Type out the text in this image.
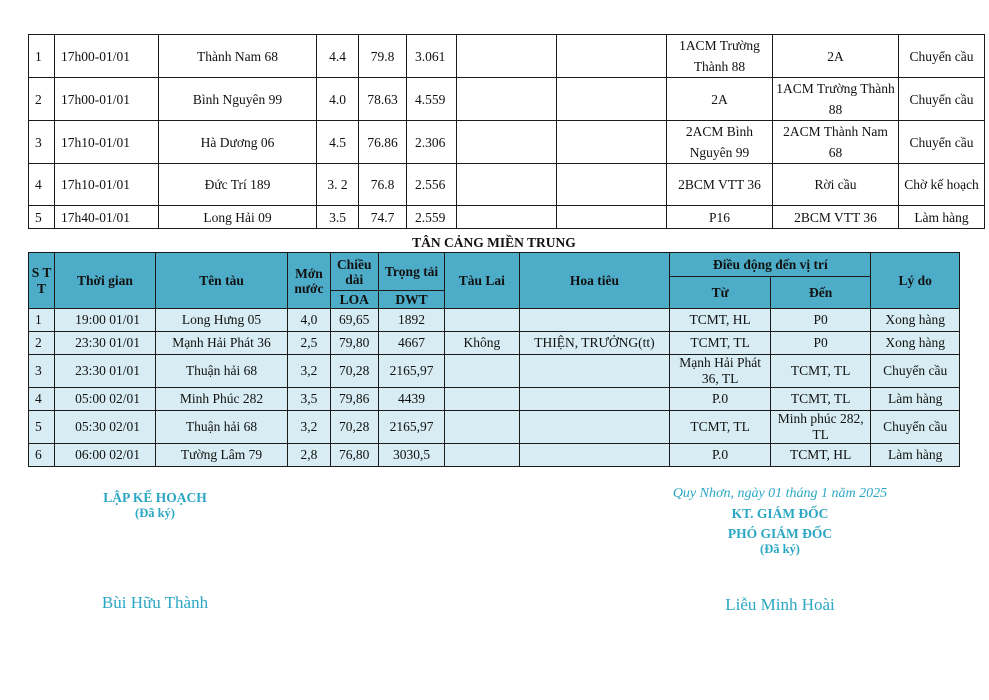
1	17h00-01/01	Thành Nam 68	4.4	79.8	3.061			1ACM Trường Thành 88	2A	Chuyển cầu
2	17h00-01/01	Bình Nguyên 99	4.0	78.63	4.559			2A	1ACM Trường Thành 88	Chuyển cầu
3	17h10-01/01	Hà Dương 06	4.5	76.86	2.306			2ACM Bình Nguyên 99	2ACM Thành Nam 68	Chuyển cầu
4	17h10-01/01	Đức Trí 189	3. 2	76.8	2.556			2BCM VTT 36	Rời cầu	Chờ kế hoạch
5	17h40-01/01	Long Hải 09	3.5	74.7	2.559			P16	2BCM VTT 36	Làm hàng
TÂN CẢNG MIỀN TRUNG
S T T	Thời gian	Tên tàu	Mớn nước	Chiều dài	Trọng tải	Tàu Lai	Hoa tiêu	Điều động đến vị trí		Lý do
								Từ	Đến	
				LOA	DWT					
1	19:00 01/01	Long Hưng 05	4,0	69,65	1892			TCMT, HL	P0	Xong hàng
2	23:30 01/01	Mạnh Hải Phát 36	2,5	79,80	4667	Không	THIỆN, TRƯỞNG(tt)	TCMT, TL	P0	Xong hàng
3	23:30 01/01	Thuận hải 68	3,2	70,28	2165,97			Mạnh Hải Phát 36, TL	TCMT, TL	Chuyển cầu
4	05:00 02/01	Minh Phúc 282	3,5	79,86	4439			P.0	TCMT, TL	Làm hàng
5	05:30 02/01	Thuận hải 68	3,2	70,28	2165,97			TCMT, TL	Minh phúc 282, TL	Chuyển cầu
6	06:00 02/01	Tường Lâm 79	2,8	76,80	3030,5			P.0	TCMT, HL	Làm hàng
LẬP KẾ HOẠCH
(Đã ký)
Bùi Hữu Thành
Quy Nhơn, ngày 01 tháng 1 năm 2025
KT. GIÁM ĐỐC
PHÓ GIÁM ĐỐC
(Đã ký)
Liễu Minh Hoài
